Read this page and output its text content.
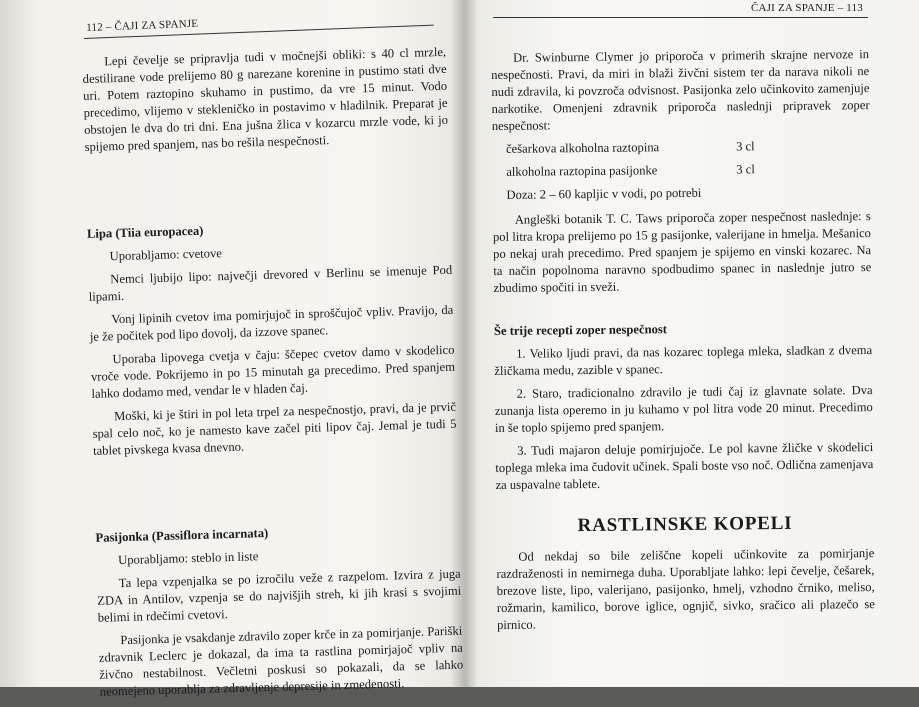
112 – ČAJI ZA SPANJE

Lepi čevelje se pripravlja tudi v močnejši obliki: s 40 cl mrzle, destilirane vode prelijemo 80 g narezane korenine in pustimo stati dve uri. Potem raztopino skuhamo in pustimo, da vre 15 minut. Vodo precedimo, vlijemo v stekleničko in postavimo v hladilnik. Preparat je obstojen le dva do tri dni. Ena jušna žlica v kozarcu mrzle vode, ki jo spijemo pred spanjem, nas bo rešila nespečnosti.

Lipa (Tiia europacea)

Uporabljamo: cvetove

Nemci ljubijo lipo: največji drevored v Berlinu se imenuje Pod lipami.

Vonj lipinih cvetov ima pomirjujoč in sproščujoč vpliv. Pravijo, da je že počitek pod lipo dovolj, da izzove spanec.

Uporaba lipovega cvetja v čaju: ščepec cvetov damo v skodelico vroče vode. Pokrijemo in po 15 minutah ga precedimo. Pred spanjem lahko dodamo med, vendar le v hladen čaj.

Moški, ki je štiri in pol leta trpel za nespečnostjo, pravi, da je prvič spal celo noč, ko je namesto kave začel piti lipov čaj. Jemal je tudi 5 tablet pivskega kvasa dnevno.

Pasijonka (Passiflora incarnata)

Uporabljamo: steblo in liste

Ta lepa vzpenjalka se po izročilu veže z razpelom. Izvira z juga ZDA in Antilov, vzpenja se do najvišjih streh, ki jih krasi s svojimi belimi in rdečimi cvetovi.

Pasijonka je vsakdanje zdravilo zoper krče in za pomirjanje. Pariški zdravnik Leclerc je dokazal, da ima ta rastlina pomirjajoč vpliv na živčno nestabilnost. Večletni poskusi so pokazali, da se lahko neomejeno uporablja za zdravljenje depresije in zmedenosti.

ČAJI ZA SPANJE – 113

Dr. Swinburne Clymer jo priporoča v primerih skrajne nervoze in nespečnosti. Pravi, da miri in blaži živčni sistem ter da narava nikoli ne nudi zdravila, ki povzroča odvisnost. Pasijonka zelo učinkovito zamenjuje narkotike. Omenjeni zdravnik priporoča naslednji pripravek zoper nespečnost:

češarkova alkoholna raztopina	3 cl
alkoholna raztopina pasijonke	3 cl

Doza: 2 – 60 kapljic v vodi, po potrebi

Angleški botanik T. C. Taws priporoča zoper nespečnost naslednje: s pol litra kropa prelijemo po 15 g pasijonke, valerijane in hmelja. Mešanico po nekaj urah precedimo. Pred spanjem je spijemo en vinski kozarec. Na ta način popolnoma naravno spodbudimo spanec in naslednje jutro se zbudimo spočiti in sveži.

Še trije recepti zoper nespečnost

1. Veliko ljudi pravi, da nas kozarec toplega mleka, sladkan z dvema žličkama medu, zazible v spanec.

2. Staro, tradicionalno zdravilo je tudi čaj iz glavnate solate. Dva zunanja lista operemo in ju kuhamo v pol litra vode 20 minut. Precedimo in še toplo spijemo pred spanjem.

3. Tudi majaron deluje pomirjujoče. Le pol kavne žličke v skodelici toplega mleka ima čudovit učinek. Spali boste vso noč. Odlična zamenjava za uspavalne tablete.

RASTLINSKE KOPELI

Od nekdaj so bile zeliščne kopeli učinkovite za pomirjanje razdraženosti in nemirnega duha. Uporabljate lahko: lepi čevelje, češarek, brezove liste, lipo, valerijano, pasijonko, hmelj, vzhodno črniko, meliso, rožmarin, kamilico, borove iglice, ognjič, sivko, sračico ali plazečo se pirnico.
